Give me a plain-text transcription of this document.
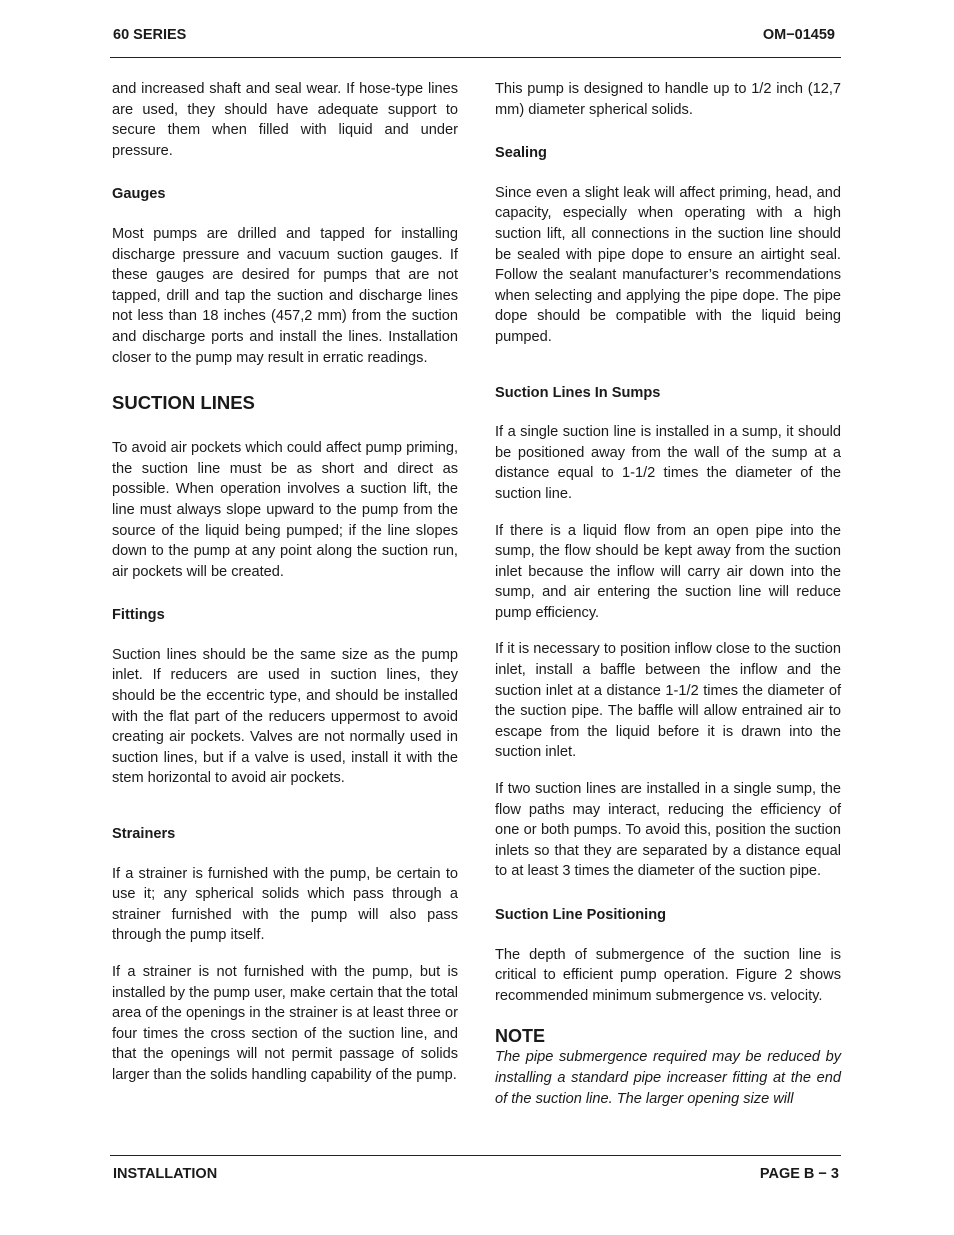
60 SERIES	OM−01459

and increased shaft and seal wear. If hose-type lines are used, they should have adequate support to secure them when filled with liquid and under pressure.

Gauges

Most pumps are drilled and tapped for installing discharge pressure and vacuum suction gauges. If these gauges are desired for pumps that are not tapped, drill and tap the suction and discharge lines not less than 18 inches (457,2 mm) from the suction and discharge ports and install the lines. Installation closer to the pump may result in erratic readings.

SUCTION LINES

To avoid air pockets which could affect pump priming, the suction line must be as short and direct as possible. When operation involves a suction lift, the line must always slope upward to the pump from the source of the liquid being pumped; if the line slopes down to the pump at any point along the suction run, air pockets will be created.

Fittings

Suction lines should be the same size as the pump inlet. If reducers are used in suction lines, they should be the eccentric type, and should be installed with the flat part of the reducers uppermost to avoid creating air pockets. Valves are not normally used in suction lines, but if a valve is used, install it with the stem horizontal to avoid air pockets.

Strainers

If a strainer is furnished with the pump, be certain to use it; any spherical solids which pass through a strainer furnished with the pump will also pass through the pump itself.

If a strainer is not furnished with the pump, but is installed by the pump user, make certain that the total area of the openings in the strainer is at least three or four times the cross section of the suction line, and that the openings will not permit passage of solids larger than the solids handling capability of the pump.

This pump is designed to handle up to 1/2 inch (12,7 mm) diameter spherical solids.

Sealing

Since even a slight leak will affect priming, head, and capacity, especially when operating with a high suction lift, all connections in the suction line should be sealed with pipe dope to ensure an airtight seal. Follow the sealant manufacturer’s recommendations when selecting and applying the pipe dope. The pipe dope should be compatible with the liquid being pumped.

Suction Lines In Sumps

If a single suction line is installed in a sump, it should be positioned away from the wall of the sump at a distance equal to 1-1/2 times the diameter of the suction line.

If there is a liquid flow from an open pipe into the sump, the flow should be kept away from the suction inlet because the inflow will carry air down into the sump, and air entering the suction line will reduce pump efficiency.

If it is necessary to position inflow close to the suction inlet, install a baffle between the inflow and the suction inlet at a distance 1-1/2 times the diameter of the suction pipe. The baffle will allow entrained air to escape from the liquid before it is drawn into the suction inlet.

If two suction lines are installed in a single sump, the flow paths may interact, reducing the efficiency of one or both pumps. To avoid this, position the suction inlets so that they are separated by a distance equal to at least 3 times the diameter of the suction pipe.

Suction Line Positioning

The depth of submergence of the suction line is critical to efficient pump operation. Figure 2 shows recommended minimum submergence vs. velocity.

NOTE

The pipe submergence required may be reduced by installing a standard pipe increaser fitting at the end of the suction line. The larger opening size will

INSTALLATION	PAGE B − 3
